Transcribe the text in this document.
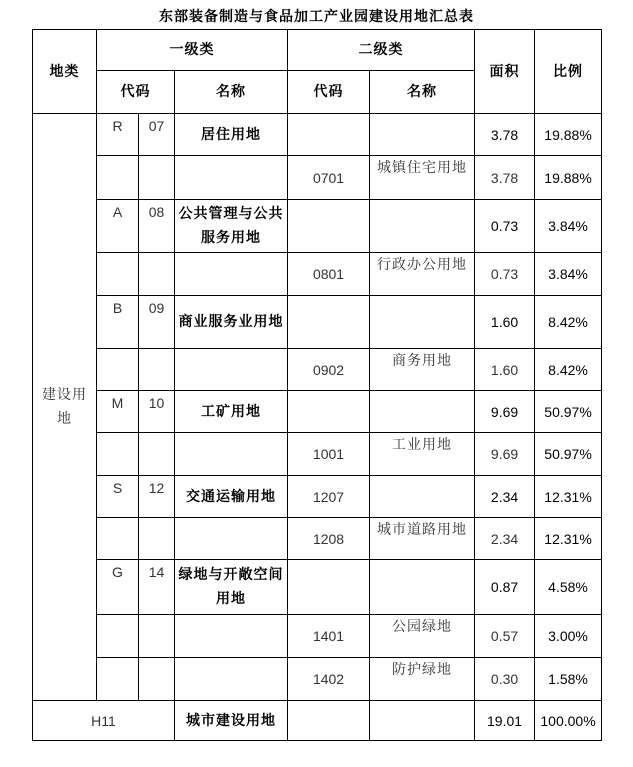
东部装备制造与食品加工产业园建设用地汇总表
地类	一级类			二级类		面积	比例
	代码		名称	代码	名称		
建设用地	R	07	居住用地			3.78	19.88%
				0701	城镇住宅用地	3.78	19.88%
	A	08	公共管理与公共服务用地			0.73	3.84%
				0801	行政办公用地	0.73	3.84%
	B	09	商业服务业用地			1.60	8.42%
				0902	商务用地	1.60	8.42%
	M	10	工矿用地			9.69	50.97%
				1001	工业用地	9.69	50.97%
	S	12	交通运输用地	1207		2.34	12.31%
				1208	城市道路用地	2.34	12.31%
	G	14	绿地与开敞空间用地			0.87	4.58%
				1401	公园绿地	0.57	3.00%
				1402	防护绿地	0.30	1.58%
H11			城市建设用地			19.01	100.00%
